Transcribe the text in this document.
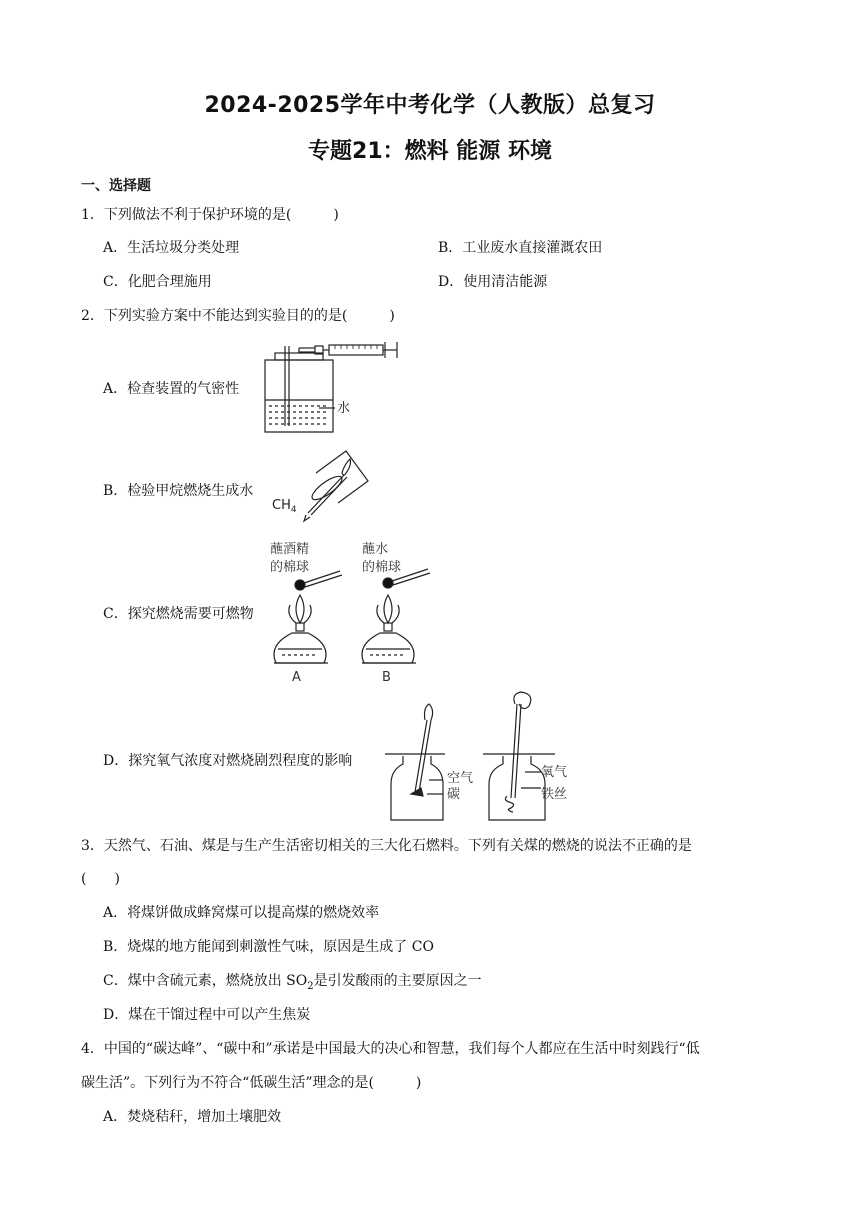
2024-2025学年中考化学（人教版）总复习
专题21：燃料 能源 环境
一、选择题
1．下列做法不利于保护环境的是(　　　)
A．生活垃圾分类处理	B．工业废水直接灌溉农田
C．化肥合理施用	D．使用清洁能源
2．下列实验方案中不能达到实验目的的是(　　　)
A．检查装置的气密性
B．检验甲烷燃烧生成水
C．探究燃烧需要可燃物
D．探究氧气浓度对燃烧剧烈程度的影响
水
$CH_4$
蘸酒精
的棉球
蘸水
的棉球
A	B
空气
碳
氧气
铁丝
3．天然气、石油、煤是与生产生活密切相关的三大化石燃料。下列有关煤的燃烧的说法不正确的是
(　　)
A．将煤饼做成蜂窝煤可以提高煤的燃烧效率
B．烧煤的地方能闻到刺激性气味，原因是生成了 CO
C．煤中含硫元素，燃烧放出 $SO_2$是引发酸雨的主要原因之一
D．煤在干馏过程中可以产生焦炭
4．中国的“碳达峰”、“碳中和”承诺是中国最大的决心和智慧，我们每个人都应在生活中时刻践行“低
碳生活”。下列行为不符合“低碳生活”理念的是(　　　)
A．焚烧秸秆，增加土壤肥效
